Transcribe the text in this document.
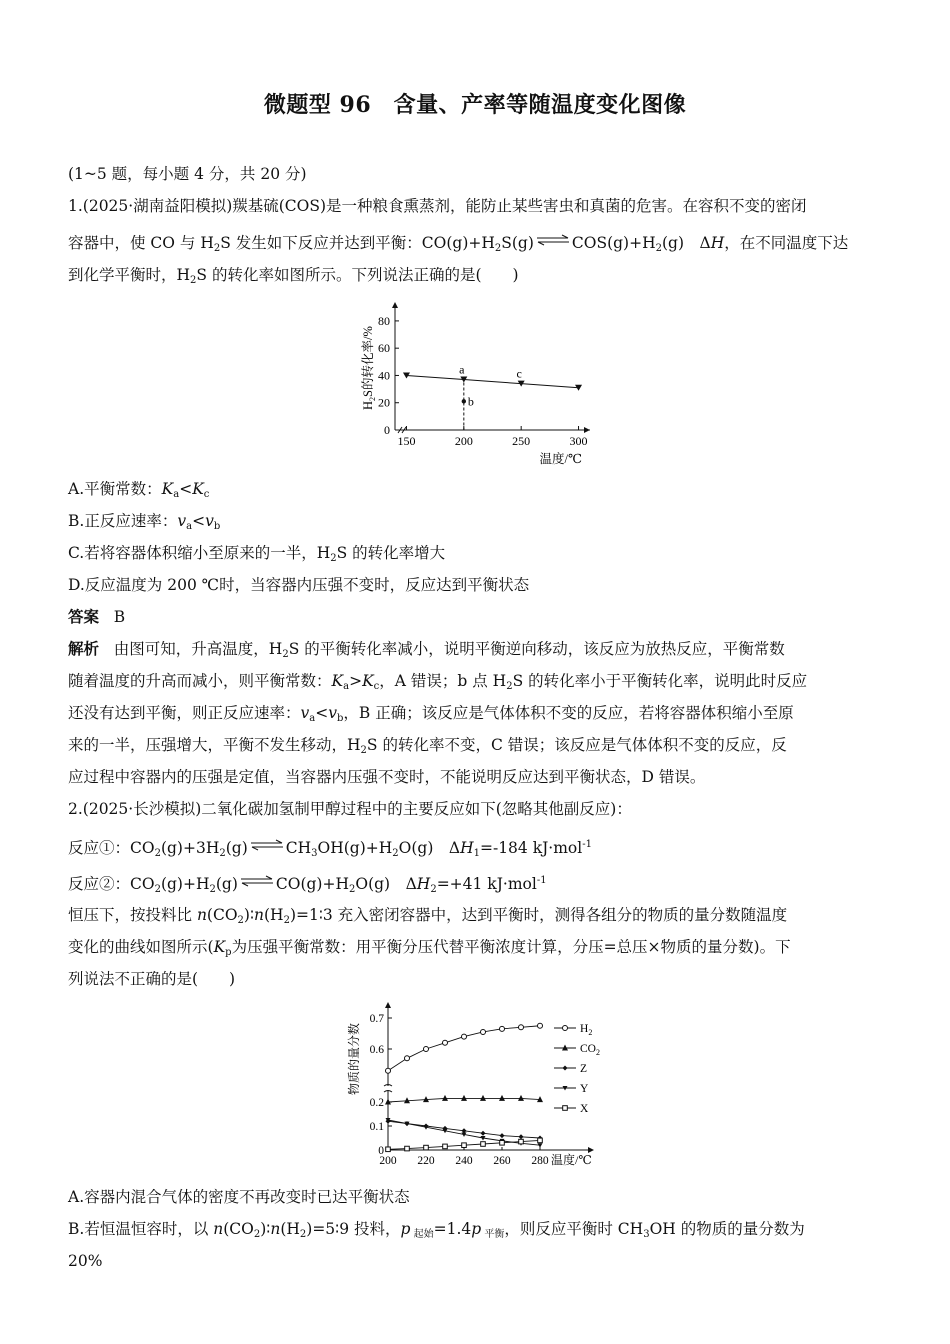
微题型 96　含量、产率等随温度变化图像
(1~5 题，每小题 4 分，共 20 分)
1.(2025·湖南益阳模拟)羰基硫(COS)是一种粮食熏蒸剂，能防止某些害虫和真菌的危害。在容积不变的密闭
容器中，使 CO 与 $H_2S$ 发生如下反应并达到平衡：$CO(g)+H_2S(g)$ ⇌ $COS(g)+H_2(g)$　ΔH，在不同温度下达
到化学平衡时，$H_2S$ 的转化率如图所示。下列说法正确的是(　　)
0
20
40
60
80
150	200	250	300
温度/℃
$H_2S$的转化率/%	a	c
b
A.平衡常数：$K_a<K_c$
B.正反应速率：$v_a<v_b$
C.若将容器体积缩小至原来的一半，$H_2S$ 的转化率增大
D.反应温度为 200 ℃时，当容器内压强不变时，反应达到平衡状态
答案 B
解析 由图可知，升高温度，$H_2S$ 的平衡转化率减小，说明平衡逆向移动，该反应为放热反应，平衡常数
随着温度的升高而减小，则平衡常数：$K_a>K_c$，A 错误；b 点 $H_2S$ 的转化率小于平衡转化率，说明此时反应
还没有达到平衡，则正反应速率：$v_a<v_b$，B 正确；该反应是气体体积不变的反应，若将容器体积缩小至原
来的一半，压强增大，平衡不发生移动，$H_2S$ 的转化率不变，C 错误；该反应是气体体积不变的反应，反
应过程中容器内的压强是定值，当容器内压强不变时，不能说明反应达到平衡状态，D 错误。
2.(2025·长沙模拟)二氧化碳加氢制甲醇过程中的主要反应如下(忽略其他副反应)：
反应①：$CO_2(g)+3H_2(g)$ ⇌ $CH_3OH(g)+H_2O(g)$　$\Delta H_1=-184$ kJ·mol$^{-1}$
反应②：$CO_2(g)+H_2(g)$ ⇌ $CO(g)+H_2O(g)$　$\Delta H_2=+41$ kJ·mol$^{-1}$
恒压下，按投料比 $n(CO_2)∶n(H_2)=1∶3$ 充入密闭容器中，达到平衡时，测得各组分的物质的量分数随温度
变化的曲线如图所示($K_p$为压强平衡常数：用平衡分压代替平衡浓度计算，分压=总压×物质的量分数)。下
列说法不正确的是(　　)
0
0.1
0.2
0.6
0.7
200 220 240 260 280 温度/℃
物质的量分数	$H_2$
$CO_2$
Z
Y
X
A.容器内混合气体的密度不再改变时已达平衡状态
B.若恒温恒容时，以 $n(CO_2)∶n(H_2)=5∶9$ 投料，p $_{起始}$=1.4p $_{平衡}$，则反应平衡时 $CH_3OH$ 的物质的量分数为
20%
